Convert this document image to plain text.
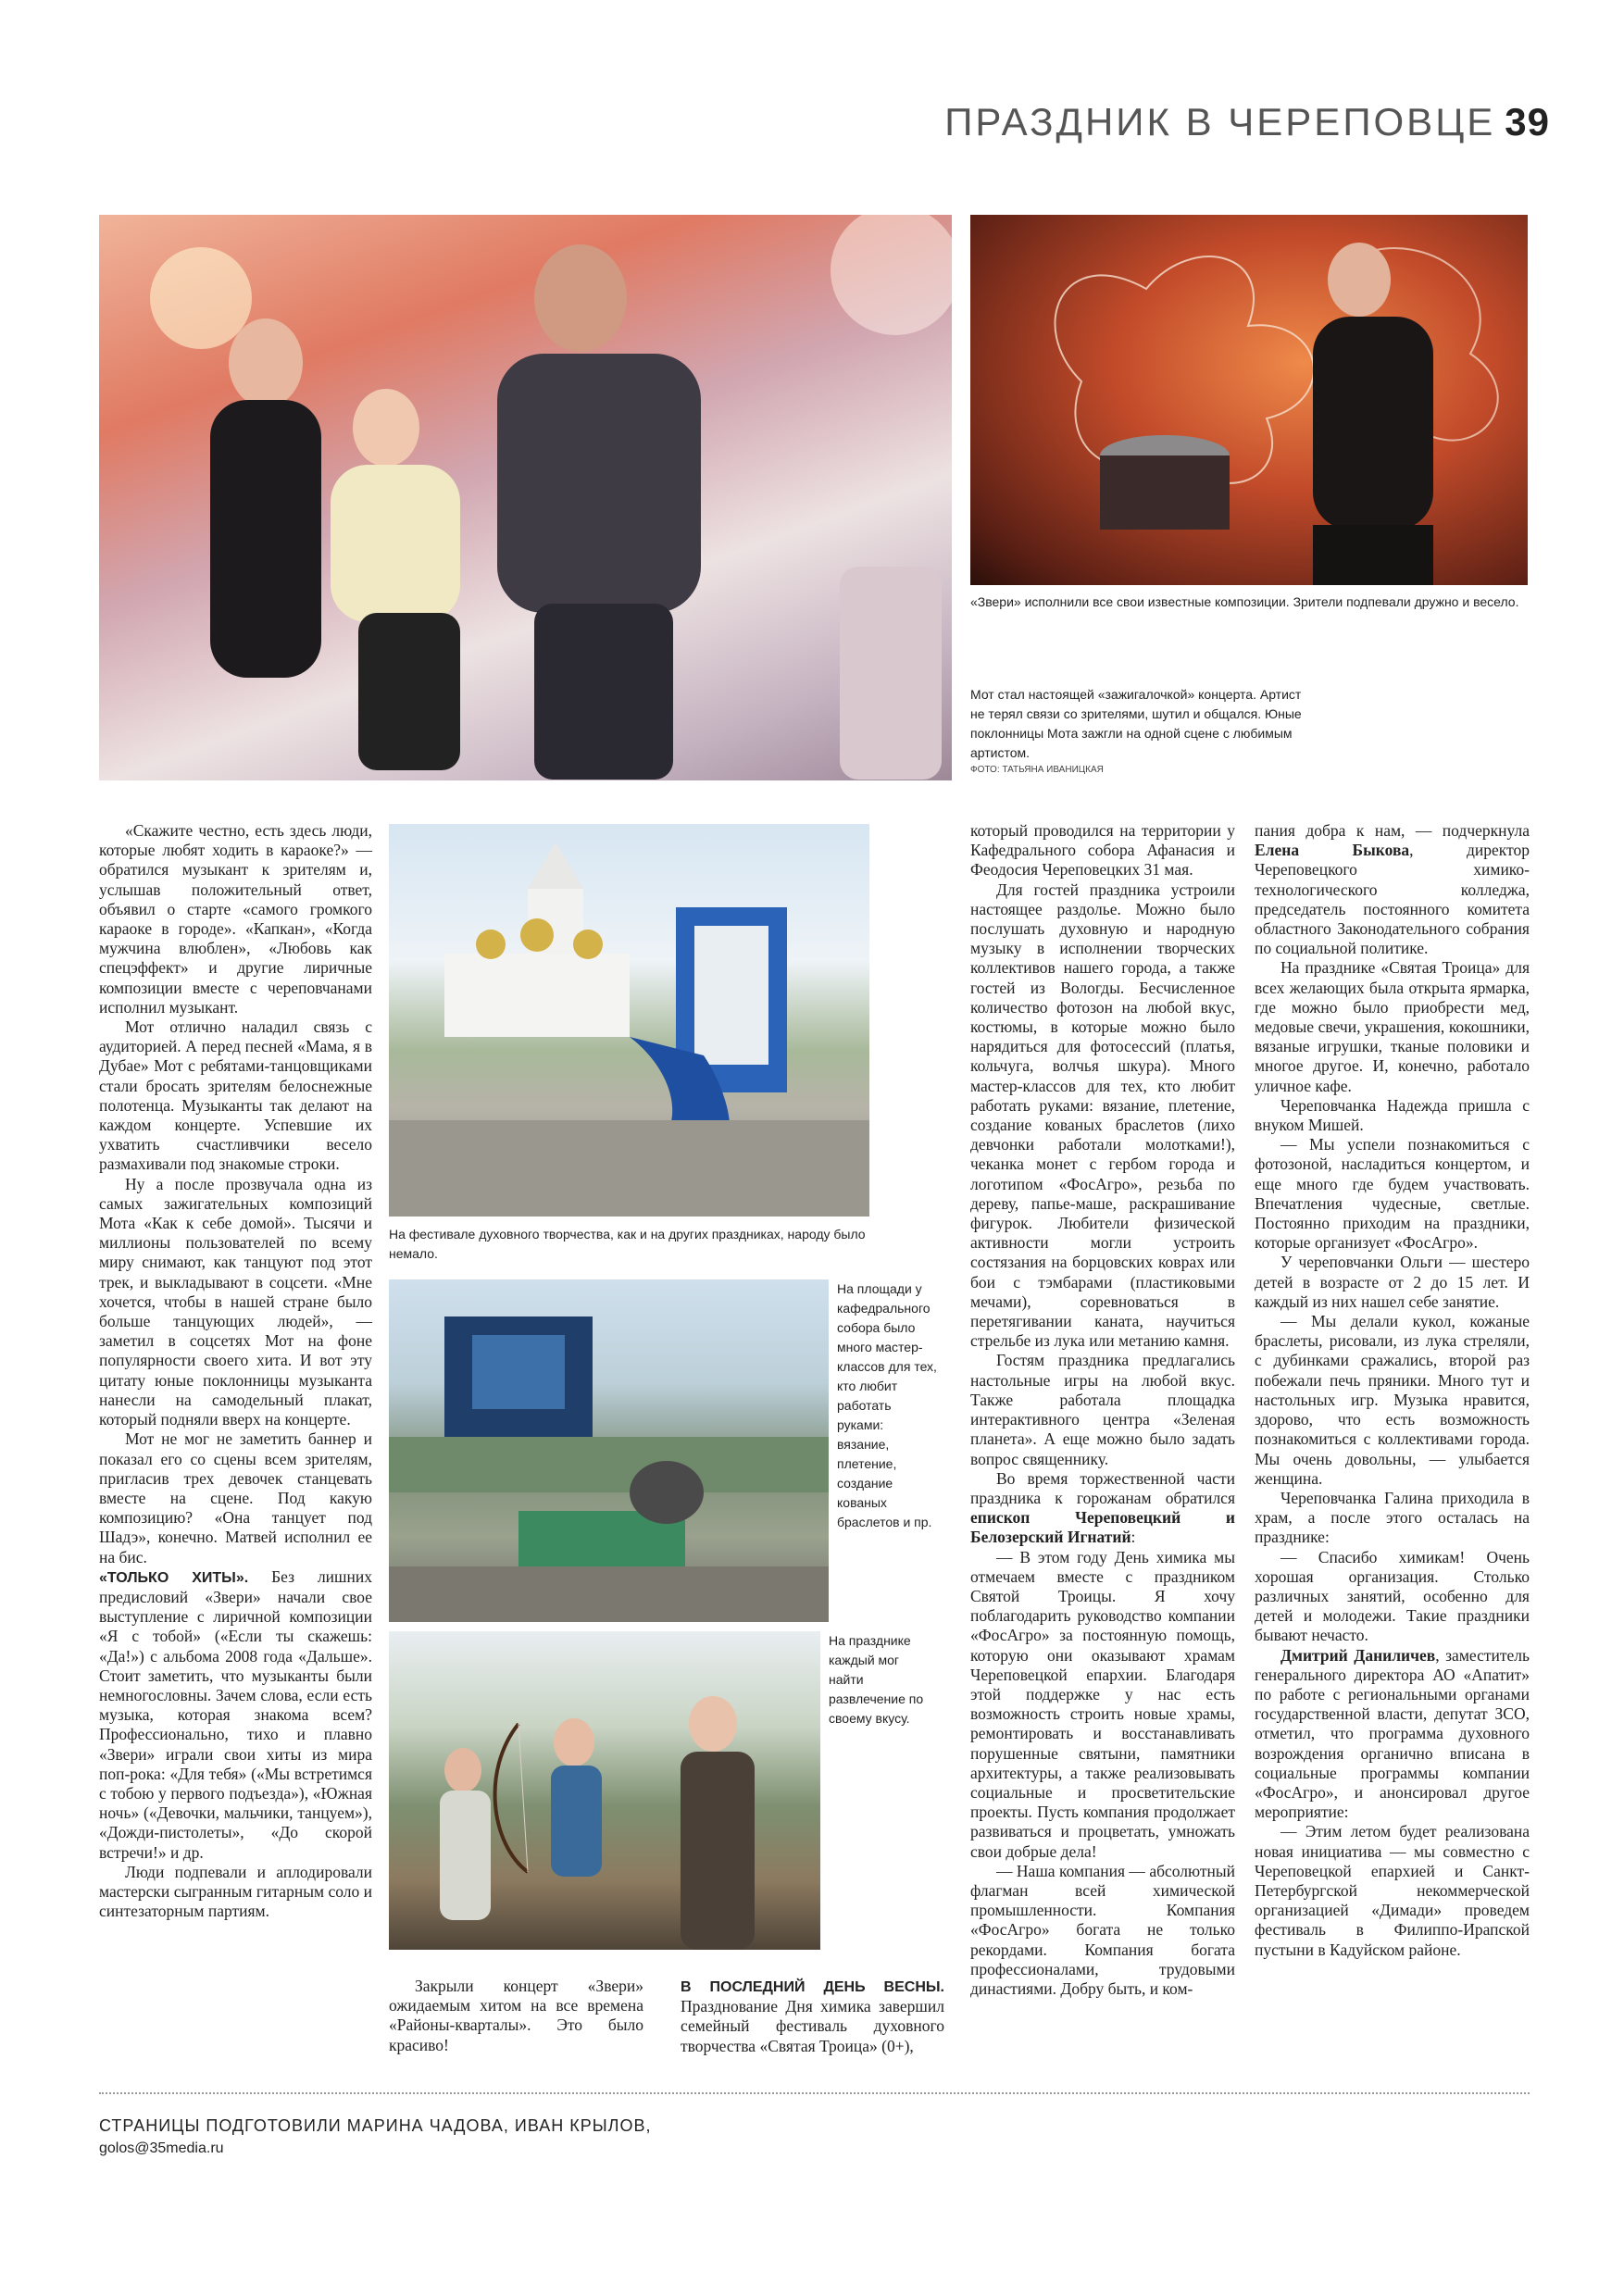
ПРАЗДНИК В ЧЕРЕПОВЦЕ 39
«Звери» исполнили все свои известные композиции. Зрители подпевали дружно и весело.
Мот стал настоящей «зажигалочкой» концерта. Артист не терял связи со зрителями, шутил и общался. Юные поклонницы Мота зажгли на одной сцене с любимым артистом.
ФОТО: ТАТЬЯНА ИВАНИЦКАЯ
На фестивале духовного творчества, как и на других праздниках, народу было немало.
На площади у кафедрального собора было много мастер-классов для тех, кто любит работать руками: вязание, плетение, создание кованых браслетов и пр.
На празднике каждый мог найти развлечение по своему вкусу.

«Скажите честно, есть здесь люди, которые любят ходить в караоке?» — обратился музыкант к зрителям и, услышав положительный ответ, объявил о старте «самого громкого караоке в городе». «Капкан», «Когда мужчина влюблен», «Любовь как спецэффект» и другие лиричные композиции вместе с череповчанами исполнил музыкант.

Мот отлично наладил связь с аудиторией. А перед песней «Мама, я в Дубае» Мот с ребятами-танцовщиками стали бросать зрителям белоснежные полотенца. Музыканты так делают на каждом концерте. Успевшие их ухватить счастливчики весело размахивали под знакомые строки.

Ну а после прозвучала одна из самых зажигательных композиций Мота «Как к себе домой». Тысячи и миллионы пользователей по всему миру снимают, как танцуют под этот трек, и выкладывают в соцсети. «Мне хочется, чтобы в нашей стране было больше танцующих людей», — заметил в соцсетях Мот на фоне популярности своего хита. И вот эту цитату юные поклонницы музыканта нанесли на самодельный плакат, который подняли вверх на концерте.

Мот не мог не заметить баннер и показал его со сцены всем зрителям, пригласив трех девочек станцевать вместе на сцене. Под какую композицию? «Она танцует под Шадэ», конечно. Матвей исполнил ее на бис.

«ТОЛЬКО ХИТЫ». Без лишних предисловий «Звери» начали свое выступление с лиричной композиции «Я с тобой» («Если ты скажешь: «Да!») с альбома 2008 года «Дальше». Стоит заметить, что музыканты были немногословны. Зачем слова, если есть музыка, которая знакома всем? Профессионально, тихо и плавно «Звери» играли свои хиты из мира поп-рока: «Для тебя» («Мы встретимся с тобою у первого подъезда»), «Южная ночь» («Девочки, мальчики, танцуем»), «Дожди-пистолеты», «До скорой встречи!» и др.

Люди подпевали и аплодировали мастерски сыгранным гитарным соло и синтезаторным партиям.

Закрыли концерт «Звери» ожидаемым хитом на все времена «Районы-кварталы». Это было красиво!

В ПОСЛЕДНИЙ ДЕНЬ ВЕСНЫ. Празднование Дня химика завершил семейный фестиваль духовного творчества «Святая Троица» (0+),

который проводился на территории у Кафедрального собора Афанасия и Феодосия Череповецких 31 мая.

Для гостей праздника устроили настоящее раздолье. Можно было послушать духовную и народную музыку в исполнении творческих коллективов нашего города, а также гостей из Вологды. Бесчисленное количество фотозон на любой вкус, костюмы, в которые можно было нарядиться для фотосессий (платья, кольчуга, волчья шкура). Много мастер-классов для тех, кто любит работать руками: вязание, плетение, создание кованых браслетов (лихо девчонки работали молотками!), чеканка монет с гербом города и логотипом «ФосАгро», резьба по дереву, папье-маше, раскрашивание фигурок. Любители физической активности могли устроить состязания на борцовских коврах или бои с тэмбарами (пластиковыми мечами), соревноваться в перетягивании каната, научиться стрельбе из лука или метанию камня.

Гостям праздника предлагались настольные игры на любой вкус. Также работала площадка интерактивного центра «Зеленая планета». А еще можно было задать вопрос священнику.

Во время торжественной части праздника к горожанам обратился епископ Череповецкий и Белозерский Игнатий:

— В этом году День химика мы отмечаем вместе с праздником Святой Троицы. Я хочу поблагодарить руководство компании «ФосАгро» за постоянную помощь, которую они оказывают храмам Череповецкой епархии. Благодаря этой поддержке у нас есть возможность строить новые храмы, ремонтировать и восстанавливать порушенные святыни, памятники архитектуры, а также реализовывать социальные и просветительские проекты. Пусть компания продолжает развиваться и процветать, умножать свои добрые дела!

— Наша компания — абсолютный флагман всей химической промышленности. Компания «ФосАгро» богата не только рекордами. Компания богата профессионалами, трудовыми династиями. Добру быть, и ком-

пания добра к нам, — подчеркнула Елена Быкова, директор Череповецкого химико-технологического колледжа, председатель постоянного комитета областного Законодательного собрания по социальной политике.

На празднике «Святая Троица» для всех желающих была открыта ярмарка, где можно было приобрести мед, медовые свечи, украшения, кокошники, вязаные игрушки, тканые половики и многое другое. И, конечно, работало уличное кафе.

Череповчанка Надежда пришла с внуком Мишей.

— Мы успели познакомиться с фотозоной, насладиться концертом, и еще много где будем участвовать. Впечатления чудесные, светлые. Постоянно приходим на праздники, которые организует «ФосАгро».

У череповчанки Ольги — шестеро детей в возрасте от 2 до 15 лет. И каждый из них нашел себе занятие.

— Мы делали кукол, кожаные браслеты, рисовали, из лука стреляли, с дубинками сражались, второй раз побежали печь пряники. Много тут и настольных игр. Музыка нравится, здорово, что есть возможность познакомиться с коллективами города. Мы очень довольны, — улыбается женщина.

Череповчанка Галина приходила в храм, а после этого осталась на празднике:

— Спасибо химикам! Очень хорошая организация. Столько различных занятий, особенно для детей и молодежи. Такие праздники бывают нечасто.

Дмитрий Даниличев, заместитель генерального директора АО «Апатит» по работе с региональными органами государственной власти, депутат ЗСО, отметил, что программа духовного возрождения органично вписана в социальные программы компании «ФосАгро», и анонсировал другое мероприятие:

— Этим летом будет реализована новая инициатива — мы совместно с Череповецкой епархией и Санкт-Петербургской некоммерческой организацией «Димади» проведем фестиваль в Филиппо-Ирапской пустыни в Кадуйском районе.

СТРАНИЦЫ ПОДГОТОВИЛИ МАРИНА ЧАДОВА, ИВАН КРЫЛОВ,
golos@35media.ru
